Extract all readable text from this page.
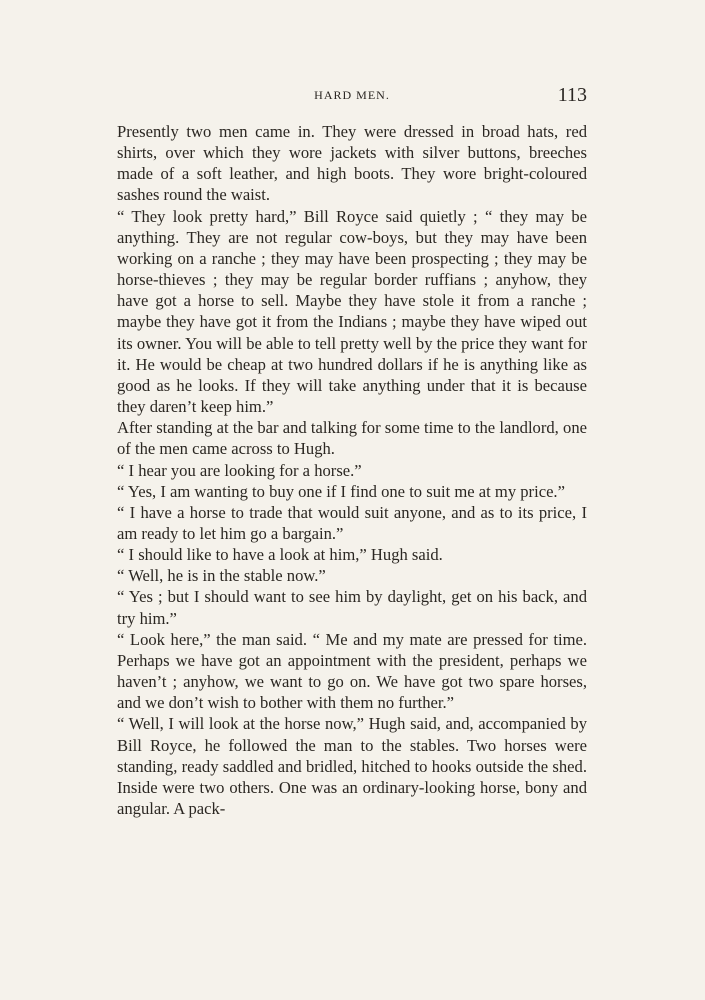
HARD MEN.	113

Presently two men came in. They were dressed in broad hats, red shirts, over which they wore jackets with silver buttons, breeches made of a soft leather, and high boots. They wore bright-coloured sashes round the waist.

“ They look pretty hard,” Bill Royce said quietly ; “ they may be anything. They are not regular cow-boys, but they may have been working on a ranche ; they may have been prospecting ; they may be horse-thieves ; they may be regular border ruffians ; anyhow, they have got a horse to sell. Maybe they have stole it from a ranche ; maybe they have got it from the Indians ; maybe they have wiped out its owner. You will be able to tell pretty well by the price they want for it. He would be cheap at two hundred dollars if he is anything like as good as he looks. If they will take anything under that it is because they daren’t keep him.”

After standing at the bar and talking for some time to the landlord, one of the men came across to Hugh.

“ I hear you are looking for a horse.”

“ Yes, I am wanting to buy one if I find one to suit me at my price.”

“ I have a horse to trade that would suit anyone, and as to its price, I am ready to let him go a bargain.”

“ I should like to have a look at him,” Hugh said.

“ Well, he is in the stable now.”

“ Yes ; but I should want to see him by daylight, get on his back, and try him.”

“ Look here,” the man said. “ Me and my mate are pressed for time. Perhaps we have got an appointment with the president, perhaps we haven’t ; anyhow, we want to go on. We have got two spare horses, and we don’t wish to bother with them no further.”

“ Well, I will look at the horse now,” Hugh said, and, accompanied by Bill Royce, he followed the man to the stables. Two horses were standing, ready saddled and bridled, hitched to hooks outside the shed. Inside were two others. One was an ordinary-looking horse, bony and angular. A pack-
